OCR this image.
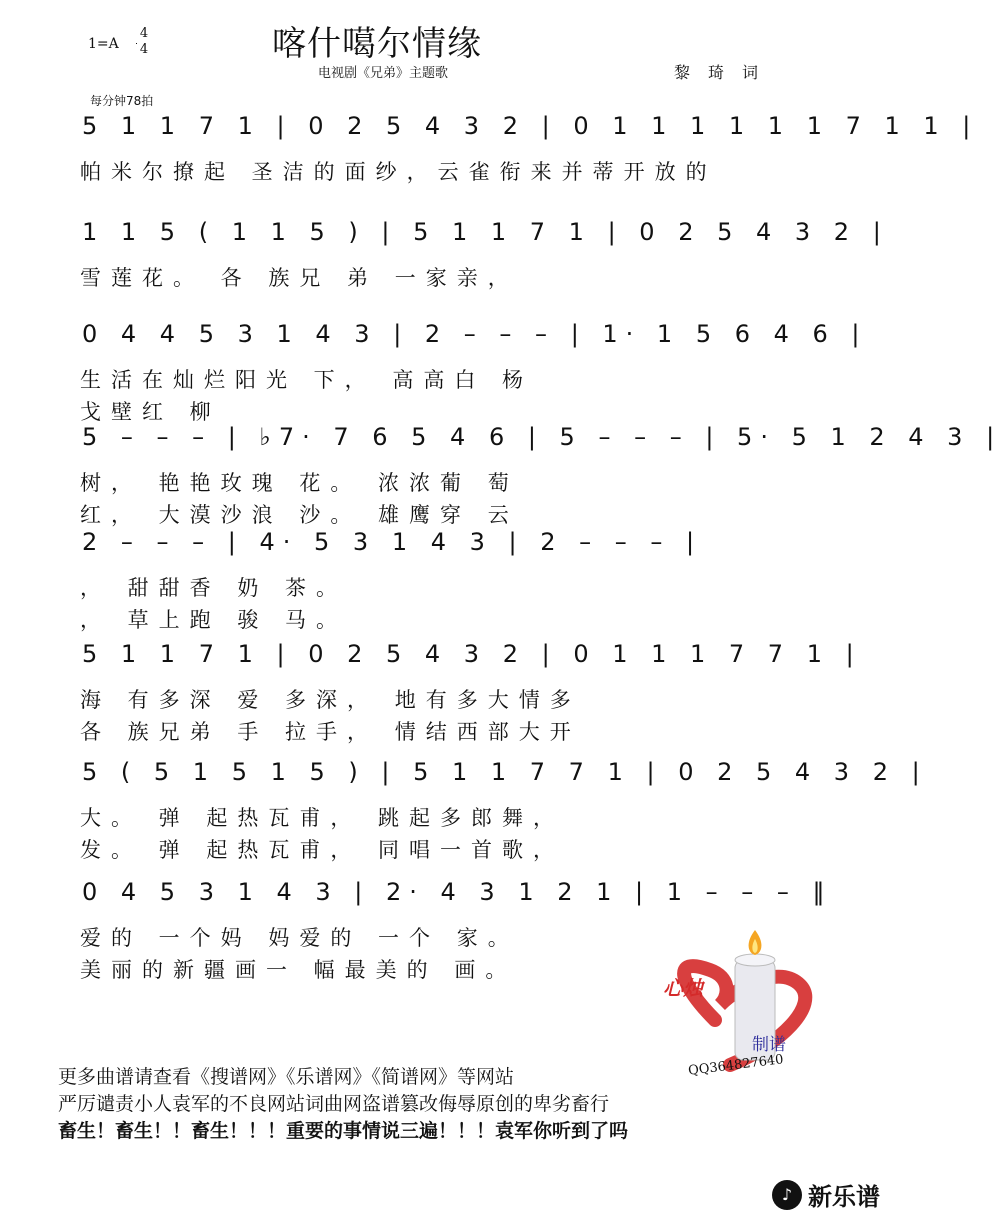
1=A
4
4	喀什噶尔情缘
电视剧《兄弟》主题歌	黎琦词
每分钟78拍
5 1 1 7 1 | 0 2 5 4 3 2 | 0 1 1 1 1 1 1 7 1 1 |
帕米尔撩起 圣洁的面纱，云雀衔来并蒂开放的
1 1 5 ( 1 1 5 ) | 5 1 1 7 1 | 0 2 5 4 3 2 |
雪莲花。 各 族兄 弟 一家亲，
0 4 4 5 3 1 4 3 | 2 – – – | 1· 1 5 6 4 6 |
生活在灿烂阳光 下， 高高白 杨
戈壁红 柳
5 – – – | ♭7· 7 6 5 4 6 | 5 – – – | 5· 5 1 2 4 3 |
树， 艳艳玫瑰 花。 浓浓葡 萄
红， 大漠沙浪 沙。 雄鹰穿 云
2 – – – | 4· 5 3 1 4 3 | 2 – – – |
， 甜甜香 奶 茶。
， 草上跑 骏 马。
5 1 1 7 1 | 0 2 5 4 3 2 | 0 1 1 1 7 7 1 |
海 有多深 爱 多深， 地有多大情多
各 族兄弟 手 拉手， 情结西部大开
5 ( 5 1 5 1 5 ) | 5 1 1 7 7 1 | 0 2 5 4 3 2 |
大。 弹 起热瓦甫， 跳起多郎舞，
发。 弹 起热瓦甫， 同唱一首歌，
0 4 5 3 1 4 3 | 2· 4 3 1 2 1 | 1 – – – ‖
爱的 一个妈 妈爱的 一个 家。
美丽的新疆画一 幅最美的 画。
心烛
制谱
QQ364827640
更多曲谱请查看《搜谱网》《乐谱网》《简谱网》等网站
严厉谴责小人袁军的不良网站词曲网盗谱篡改侮辱原创的卑劣畜行
畜生！畜生！！畜生！！！重要的事情说三遍！！！袁军你听到了吗
♪ 新乐谱
